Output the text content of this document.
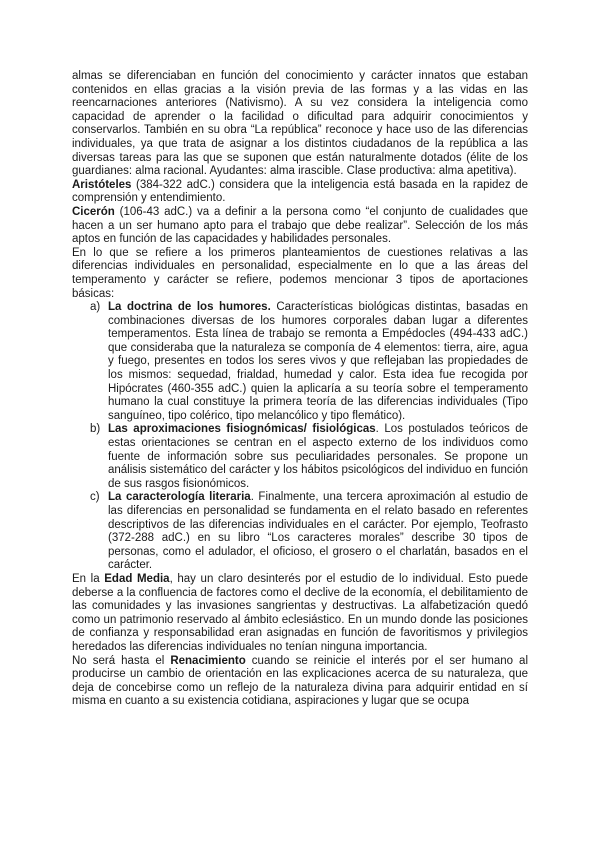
almas se diferenciaban en función del conocimiento y carácter innatos que estaban contenidos en ellas gracias a la visión previa de las formas y a las vidas en las reencarnaciones anteriores (Nativismo). A su vez considera la inteligencia como capacidad de aprender o la facilidad o dificultad para adquirir conocimientos y conservarlos. También en su obra “La república” reconoce y hace uso de las diferencias individuales, ya que trata de asignar a los distintos ciudadanos de la república a las diversas tareas para las que se suponen que están naturalmente dotados (élite de los guardianes: alma racional. Ayudantes: alma irascible. Clase productiva: alma apetitiva).

Aristóteles (384-322 adC.) considera que la inteligencia está basada en la rapidez de comprensión y entendimiento.

Cicerón (106-43 adC.) va a definir a la persona como “el conjunto de cualidades que hacen a un ser humano apto para el trabajo que debe realizar”. Selección de los más aptos en función de las capacidades y habilidades personales.

En lo que se refiere a los primeros planteamientos de cuestiones relativas a las diferencias individuales en personalidad, especialmente en lo que a las áreas del temperamento y carácter se refiere, podemos mencionar 3 tipos de aportaciones básicas:

a) La doctrina de los humores. Características biológicas distintas, basadas en combinaciones diversas de los humores corporales daban lugar a diferentes temperamentos. Esta línea de trabajo se remonta a Empédocles (494-433 adC.) que consideraba que la naturaleza se componía de 4 elementos: tierra, aire, agua y fuego, presentes en todos los seres vivos y que reflejaban las propiedades de los mismos: sequedad, frialdad, humedad y calor. Esta idea fue recogida por Hipócrates (460-355 adC.) quien la aplicaría a su teoría sobre el temperamento humano la cual constituye la primera teoría de las diferencias individuales (Tipo sanguíneo, tipo colérico, tipo melancólico y tipo flemático).
b) Las aproximaciones fisiognómicas/ fisiológicas. Los postulados teóricos de estas orientaciones se centran en el aspecto externo de los individuos como fuente de información sobre sus peculiaridades personales. Se propone un análisis sistemático del carácter y los hábitos psicológicos del individuo en función de sus rasgos fisionómicos.
c) La caracterología literaria. Finalmente, una tercera aproximación al estudio de las diferencias en personalidad se fundamenta en el relato basado en referentes descriptivos de las diferencias individuales en el carácter. Por ejemplo, Teofrasto (372-288 adC.) en su libro “Los caracteres morales” describe 30 tipos de personas, como el adulador, el oficioso, el grosero o el charlatán, basados en el carácter.

En la Edad Media, hay un claro desinterés por el estudio de lo individual. Esto puede deberse a la confluencia de factores como el declive de la economía, el debilitamiento de las comunidades y las invasiones sangrientas y destructivas. La alfabetización quedó como un patrimonio reservado al ámbito eclesiástico. En un mundo donde las posiciones de confianza y responsabilidad eran asignadas en función de favoritismos y privilegios heredados las diferencias individuales no tenían ninguna importancia.

No será hasta el Renacimiento cuando se reinicie el interés por el ser humano al producirse un cambio de orientación en las explicaciones acerca de su naturaleza, que deja de concebirse como un reflejo de la naturaleza divina para adquirir entidad en sí misma en cuanto a su existencia cotidiana, aspiraciones y lugar que se ocupa
